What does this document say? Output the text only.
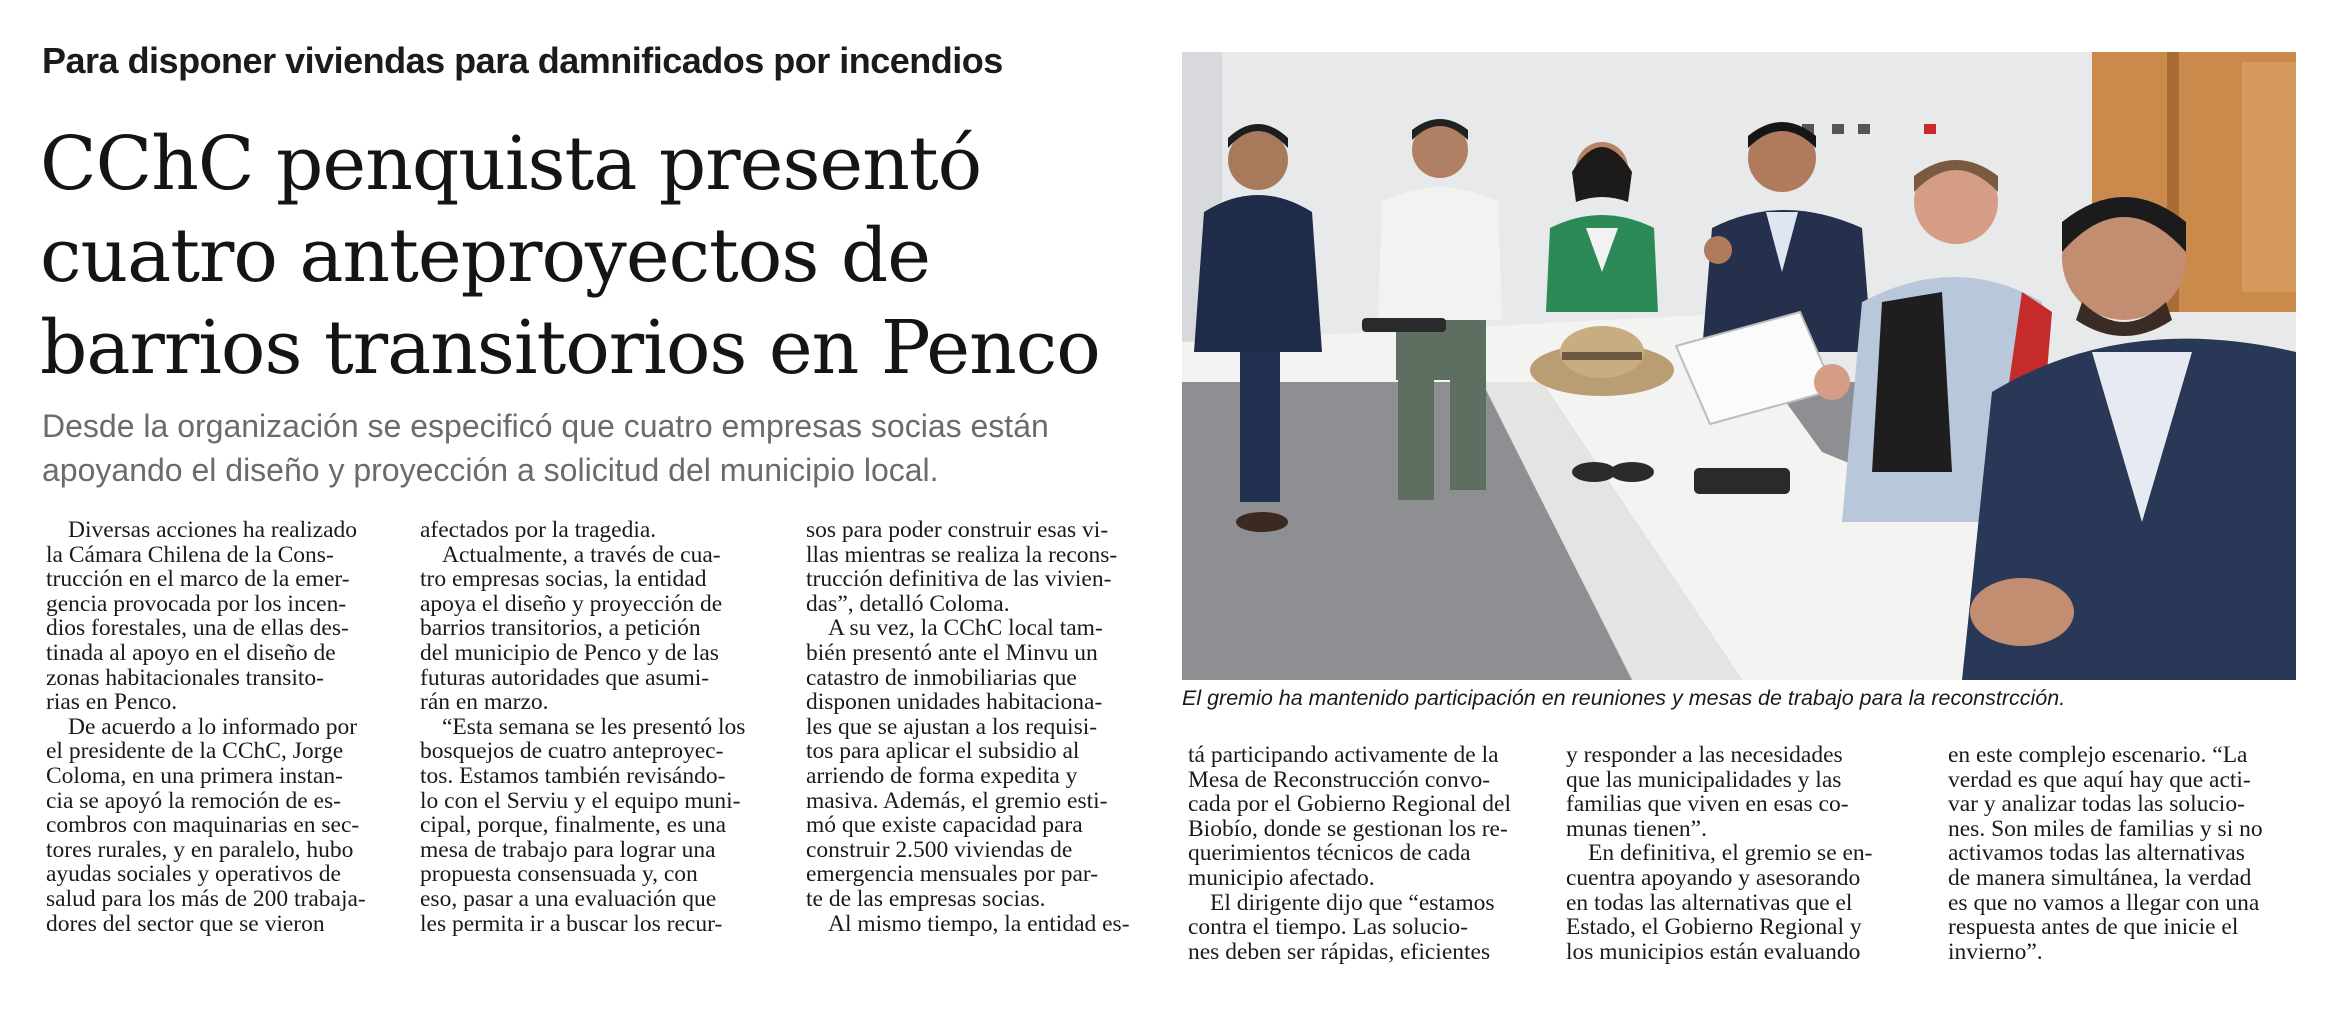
Para disponer viviendas para damnificados por incendios
CChC penquista presentó
cuatro anteproyectos de
barrios transitorios en Penco
Desde la organización se especificó que cuatro empresas socias están
apoyando el diseño y proyección a solicitud del municipio local.

Diversas acciones ha realizado
la Cámara Chilena de la Cons-
trucción en el marco de la emer-
gencia provocada por los incen-
dios forestales, una de ellas des-
tinada al apoyo en el diseño de
zonas habitacionales transito-
rias en Penco.

De acuerdo a lo informado por
el presidente de la CChC, Jorge
Coloma, en una primera instan-
cia se apoyó la remoción de es-
combros con maquinarias en sec-
tores rurales, y en paralelo, hubo
ayudas sociales y operativos de
salud para los más de 200 trabaja-
dores del sector que se vieron

afectados por la tragedia.

Actualmente, a través de cua-
tro empresas socias, la entidad
apoya el diseño y proyección de
barrios transitorios, a petición
del municipio de Penco y de las
futuras autoridades que asumi-
rán en marzo.

“Esta semana se les presentó los
bosquejos de cuatro anteproyec-
tos. Estamos también revisándo-
lo con el Serviu y el equipo muni-
cipal, porque, finalmente, es una
mesa de trabajo para lograr una
propuesta consensuada y, con
eso, pasar a una evaluación que
les permita ir a buscar los recur-

sos para poder construir esas vi-
llas mientras se realiza la recons-
trucción definitiva de las vivien-
das”, detalló Coloma.

A su vez, la CChC local tam-
bién presentó ante el Minvu un
catastro de inmobiliarias que
disponen unidades habitaciona-
les que se ajustan a los requisi-
tos para aplicar el subsidio al
arriendo de forma expedita y
masiva. Además, el gremio esti-
mó que existe capacidad para
construir 2.500 viviendas de
emergencia mensuales por par-
te de las empresas socias.

Al mismo tiempo, la entidad es-

El gremio ha mantenido participación en reuniones y mesas de trabajo para la reconstrcción.

tá participando activamente de la
Mesa de Reconstrucción convo-
cada por el Gobierno Regional del
Biobío, donde se gestionan los re-
querimientos técnicos de cada
municipio afectado.

El dirigente dijo que “estamos
contra el tiempo. Las solucio-
nes deben ser rápidas, eficientes

y responder a las necesidades
que las municipalidades y las
familias que viven en esas co-
munas tienen”.

En definitiva, el gremio se en-
cuentra apoyando y asesorando
en todas las alternativas que el
Estado, el Gobierno Regional y
los municipios están evaluando

en este complejo escenario. “La
verdad es que aquí hay que acti-
var y analizar todas las solucio-
nes. Son miles de familias y si no
activamos todas las alternativas
de manera simultánea, la verdad
es que no vamos a llegar con una
respuesta antes de que inicie el
invierno”.
